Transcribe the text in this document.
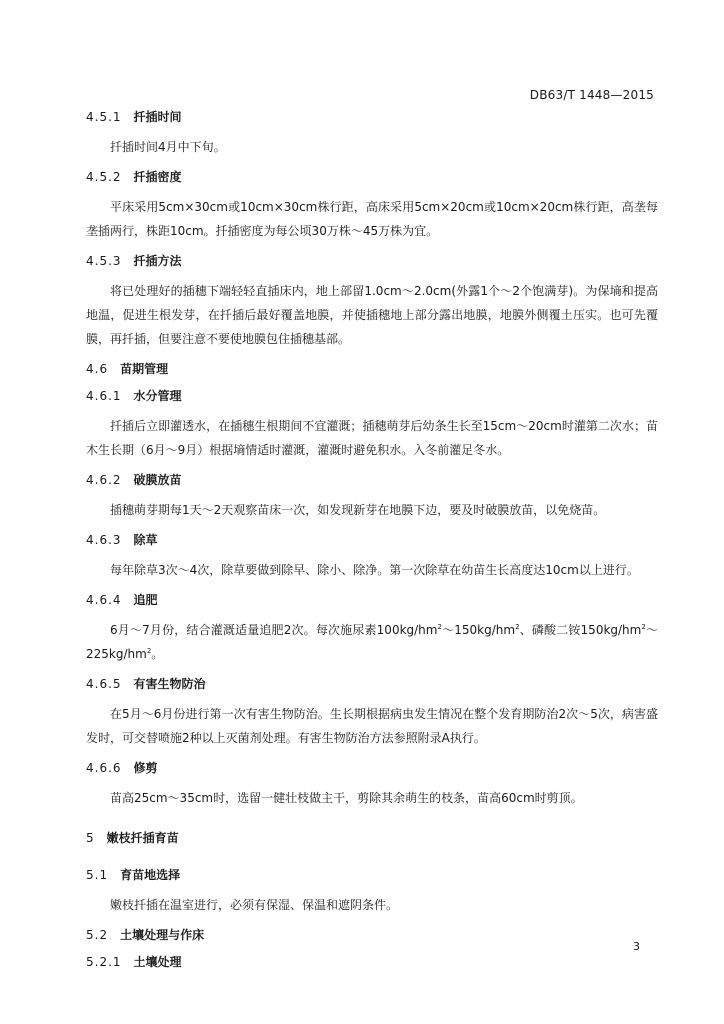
DB63/T 1448—2015

4.5.1 扦插时间

扦插时间4月中下旬。

4.5.2 扦插密度

平床采用5cm×30cm或10cm×30cm株行距，高床采用5cm×20cm或10cm×20cm株行距，高垄每垄插两行，株距10cm。扦插密度为每公顷30万株～45万株为宜。

4.5.3 扦插方法

将已处理好的插穗下端轻轻直插床内，地上部留1.0cm～2.0cm(外露1个～2个饱满芽)。为保墒和提高地温，促进生根发芽，在扦插后最好覆盖地膜，并使插穗地上部分露出地膜，地膜外侧覆土压实。也可先覆膜，再扦插，但要注意不要使地膜包住插穗基部。

4.6 苗期管理

4.6.1 水分管理

扦插后立即灌透水，在插穗生根期间不宜灌溉；插穗萌芽后幼条生长至15cm～20cm时灌第二次水；苗木生长期（6月～9月）根据墒情适时灌溉，灌溉时避免积水。入冬前灌足冬水。

4.6.2 破膜放苗

插穗萌芽期每1天～2天观察苗床一次，如发现新芽在地膜下边，要及时破膜放苗，以免烧苗。

4.6.3 除草

每年除草3次～4次，除草要做到除早、除小、除净。第一次除草在幼苗生长高度达10cm以上进行。

4.6.4 追肥

6月～7月份，结合灌溉适量追肥2次。每次施尿素$100kg/hm^2\sim 150kg/hm^2$、磷酸二铵$150kg/hm^2\sim 225kg/hm^2$。

4.6.5 有害生物防治

在5月～6月份进行第一次有害生物防治。生长期根据病虫发生情况在整个发育期防治2次～5次，病害盛发时，可交替喷施2种以上灭菌剂处理。有害生物防治方法参照附录A执行。

4.6.6 修剪

苗高25cm～35cm时，选留一健壮枝做主干，剪除其余萌生的枝条，苗高60cm时剪顶。

5 嫩枝扦插育苗

5.1 育苗地选择

嫩枝扦插在温室进行，必须有保湿、保温和遮阴条件。

5.2 土壤处理与作床

5.2.1 土壤处理

3
